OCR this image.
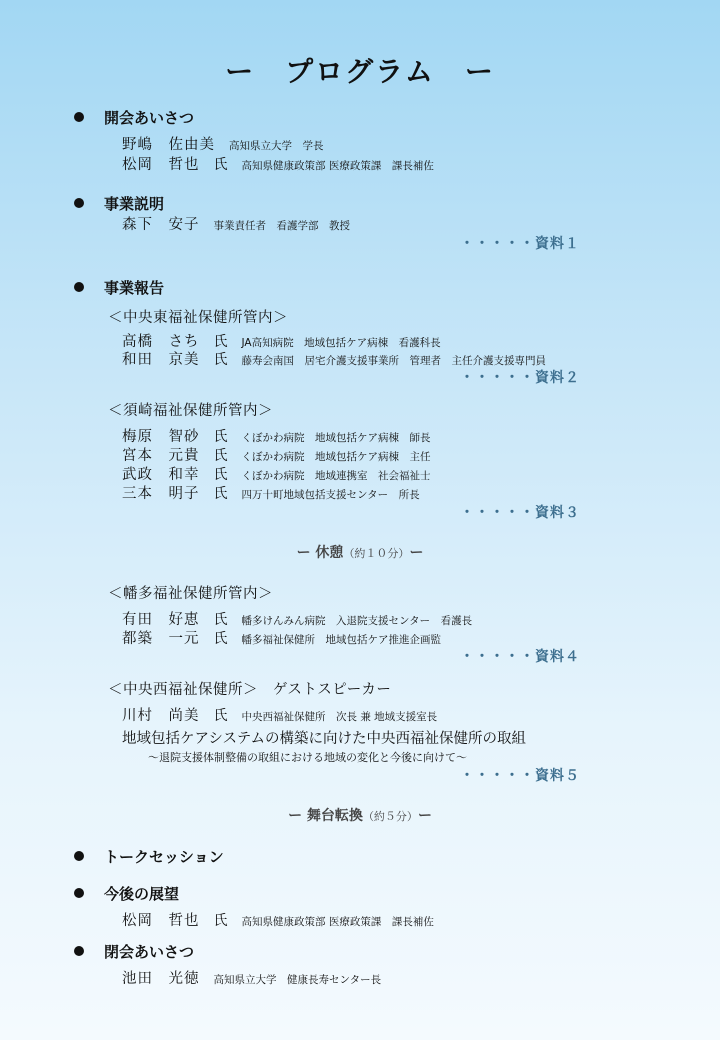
ー　プログラム　ー
開会あいさつ
野嶋　佐由美 高知県立大学　学長
松岡　哲也 氏 高知県健康政策部 医療政策課　課長補佐
事業説明
森下　安子 事業責任者　看護学部　教授
・・・・・資料１
事業報告
＜中央東福祉保健所管内＞
高橋　さち 氏 JA高知病院　地域包括ケア病棟　看護科長
和田　京美 氏 藤寿会南国　居宅介護支援事業所　管理者　主任介護支援専門員
・・・・・資料２
＜須崎福祉保健所管内＞
梅原　智砂 氏 くぼかわ病院　地域包括ケア病棟　師長
宮本　元貴 氏 くぼかわ病院　地域包括ケア病棟　主任
武政　和幸 氏 くぼかわ病院　地域連携室　社会福祉士
三本　明子 氏 四万十町地域包括支援センター　所長
・・・・・資料３
ー 休憩（約１０分）ー
＜幡多福祉保健所管内＞
有田　好恵 氏 幡多けんみん病院　入退院支援センター　看護長
都築　一元 氏 幡多福祉保健所　地域包括ケア推進企画監
・・・・・資料４
＜中央西福祉保健所＞　ゲストスピーカー
川村　尚美 氏 中央西福祉保健所　次長 兼 地域支援室長
地域包括ケアシステムの構築に向けた中央西福祉保健所の取組
～退院支援体制整備の取組における地域の変化と今後に向けて～
・・・・・資料５
ー 舞台転換（約５分）ー
トークセッション
今後の展望
松岡　哲也 氏 高知県健康政策部 医療政策課　課長補佐
閉会あいさつ
池田　光徳 高知県立大学　健康長寿センター長
